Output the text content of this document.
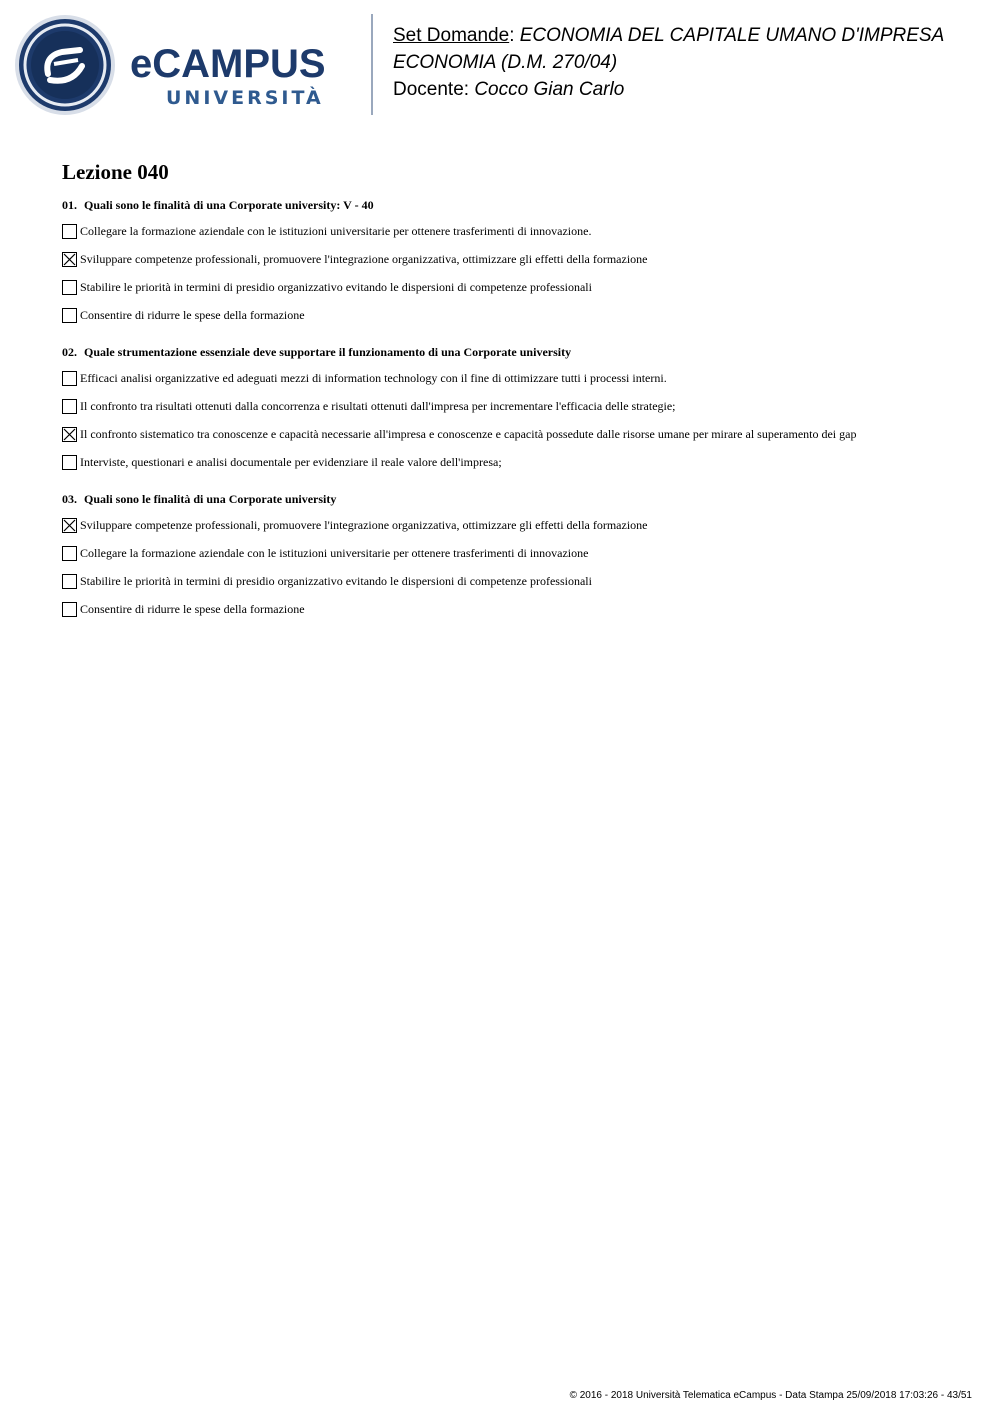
eCAMPUS
UNIVERSITÀ
Set Domande: ECONOMIA DEL CAPITALE UMANO D'IMPRESA
ECONOMIA (D.M. 270/04)
Docente: Cocco Gian Carlo
Lezione 040
01. Quali sono le finalità di una Corporate university: V - 40
Collegare la formazione aziendale con le istituzioni universitarie per ottenere trasferimenti di innovazione.
Sviluppare competenze professionali, promuovere l'integrazione organizzativa, ottimizzare gli effetti della formazione
Stabilire le priorità in termini di presidio organizzativo evitando le dispersioni di competenze professionali
Consentire di ridurre le spese della formazione
02. Quale strumentazione essenziale deve supportare il funzionamento di una Corporate university
Efficaci analisi organizzative ed adeguati mezzi di information technology con il fine di ottimizzare tutti i processi interni.
Il confronto tra risultati ottenuti dalla concorrenza e risultati ottenuti dall'impresa per incrementare l'efficacia delle strategie;
Il confronto sistematico tra conoscenze e capacità necessarie all'impresa e conoscenze e capacità possedute dalle risorse umane per mirare al superamento dei gap
Interviste, questionari e analisi documentale per evidenziare il reale valore dell'impresa;
03. Quali sono le finalità di una Corporate university
Sviluppare competenze professionali, promuovere l'integrazione organizzativa, ottimizzare gli effetti della formazione
Collegare la formazione aziendale con le istituzioni universitarie per ottenere trasferimenti di innovazione
Stabilire le priorità in termini di presidio organizzativo evitando le dispersioni di competenze professionali
Consentire di ridurre le spese della formazione
© 2016 - 2018 Università Telematica eCampus - Data Stampa 25/09/2018 17:03:26 - 43/51
